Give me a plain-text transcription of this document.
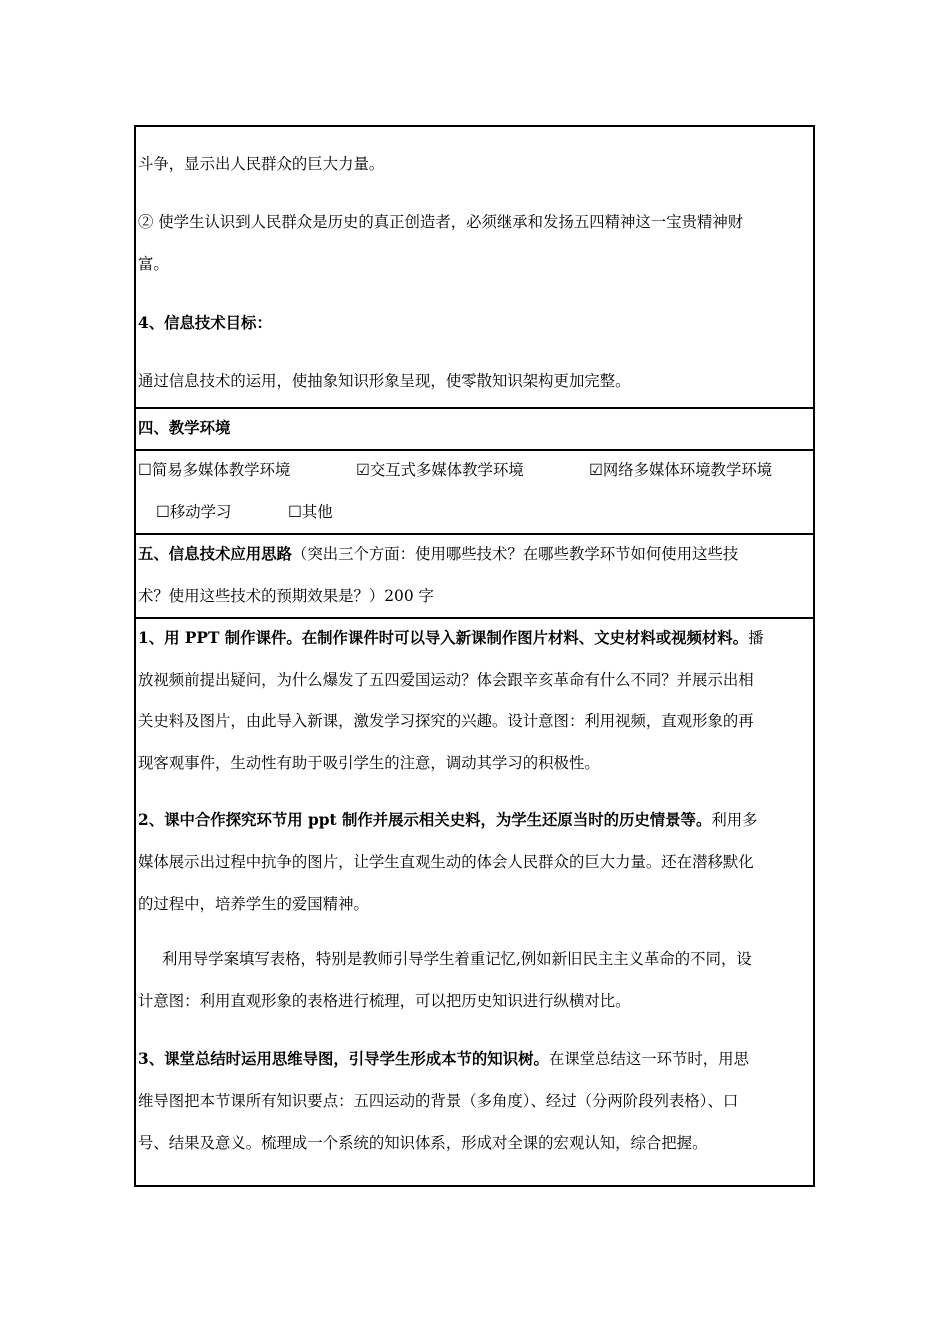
斗争，显示出人民群众的巨大力量。
② 使学生认识到人民群众是历史的真正创造者，必须继承和发扬五四精神这一宝贵精神财
富。
4、信息技术目标：
通过信息技术的运用，使抽象知识形象呈现，使零散知识架构更加完整。
四、教学环境
☐简易多媒体教学环境	☑交互式多媒体教学环境	☑网络多媒体环境教学环境
☐移动学习	☐其他
五、信息技术应用思路（突出三个方面：使用哪些技术？在哪些教学环节如何使用这些技
术？使用这些技术的预期效果是？）200 字
1、用 PPT 制作课件。在制作课件时可以导入新课制作图片材料、文史材料或视频材料。播
放视频前提出疑问，为什么爆发了五四爱国运动？体会跟辛亥革命有什么不同？并展示出相
关史料及图片，由此导入新课，激发学习探究的兴趣。设计意图：利用视频，直观形象的再
现客观事件，生动性有助于吸引学生的注意，调动其学习的积极性。
2、课中合作探究环节用 ppt 制作并展示相关史料，为学生还原当时的历史情景等。利用多
媒体展示出过程中抗争的图片，让学生直观生动的体会人民群众的巨大力量。还在潜移默化
的过程中，培养学生的爱国精神。
利用导学案填写表格，特别是教师引导学生着重记忆,例如新旧民主主义革命的不同，设
计意图：利用直观形象的表格进行梳理，可以把历史知识进行纵横对比。
3、课堂总结时运用思维导图，引导学生形成本节的知识树。在课堂总结这一环节时，用思
维导图把本节课所有知识要点：五四运动的背景（多角度）、经过（分两阶段列表格）、口
号、结果及意义。梳理成一个系统的知识体系，形成对全课的宏观认知，综合把握。
